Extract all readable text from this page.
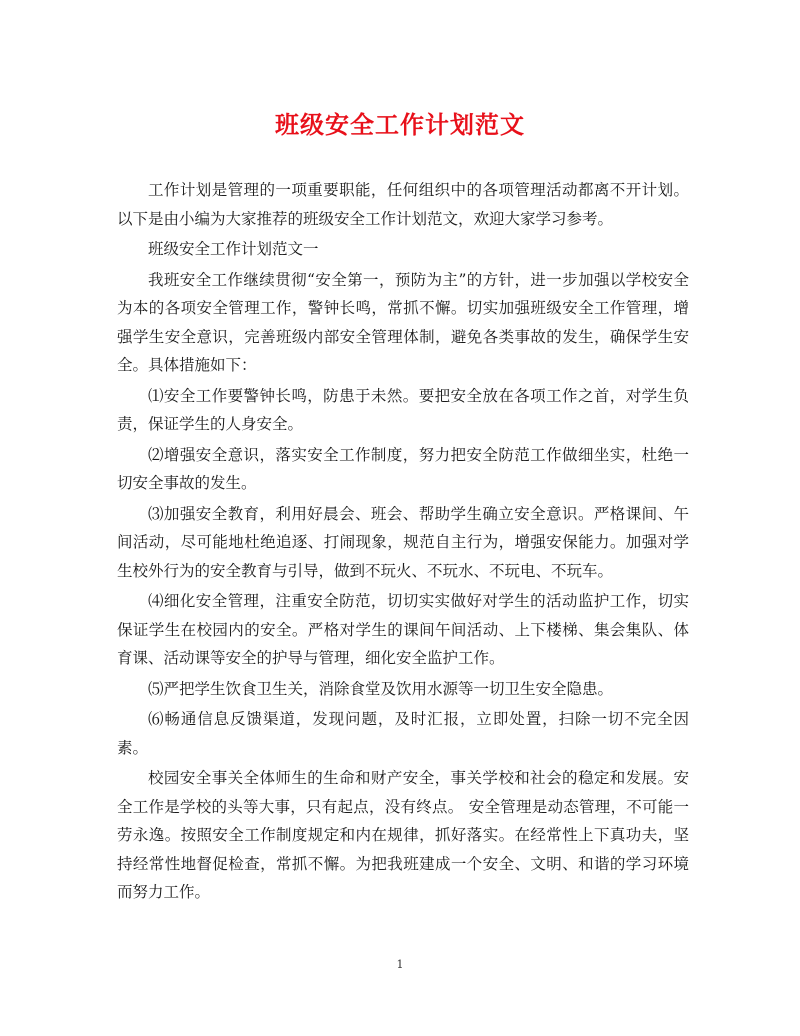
班级安全工作计划范文

工作计划是管理的一项重要职能，任何组织中的各项管理活动都离不开计划。以下是由小编为大家推荐的班级安全工作计划范文，欢迎大家学习参考。

班级安全工作计划范文一

我班安全工作继续贯彻“安全第一，预防为主”的方针，进一步加强以学校安全为本的各项安全管理工作，警钟长鸣，常抓不懈。切实加强班级安全工作管理，增强学生安全意识，完善班级内部安全管理体制，避免各类事故的发生，确保学生安全。具体措施如下：

⑴安全工作要警钟长鸣，防患于未然。要把安全放在各项工作之首，对学生负责，保证学生的人身安全。

⑵增强安全意识，落实安全工作制度，努力把安全防范工作做细坐实，杜绝一切安全事故的发生。

⑶加强安全教育，利用好晨会、班会、帮助学生确立安全意识。严格课间、午间活动，尽可能地杜绝追逐、打闹现象，规范自主行为，增强安保能力。加强对学生校外行为的安全教育与引导，做到不玩火、不玩水、不玩电、不玩车。

⑷细化安全管理，注重安全防范，切切实实做好对学生的活动监护工作，切实保证学生在校园内的安全。严格对学生的课间午间活动、上下楼梯、集会集队、体育课、活动课等安全的护导与管理，细化安全监护工作。

⑸严把学生饮食卫生关，消除食堂及饮用水源等一切卫生安全隐患。

⑹畅通信息反馈渠道，发现问题，及时汇报，立即处置，扫除一切不完全因素。

校园安全事关全体师生的生命和财产安全，事关学校和社会的稳定和发展。安全工作是学校的头等大事，只有起点，没有终点。 安全管理是动态管理，不可能一劳永逸。按照安全工作制度规定和内在规律，抓好落实。在经常性上下真功夫，坚持经常性地督促检查，常抓不懈。为把我班建成一个安全、文明、和谐的学习环境而努力工作。

1
